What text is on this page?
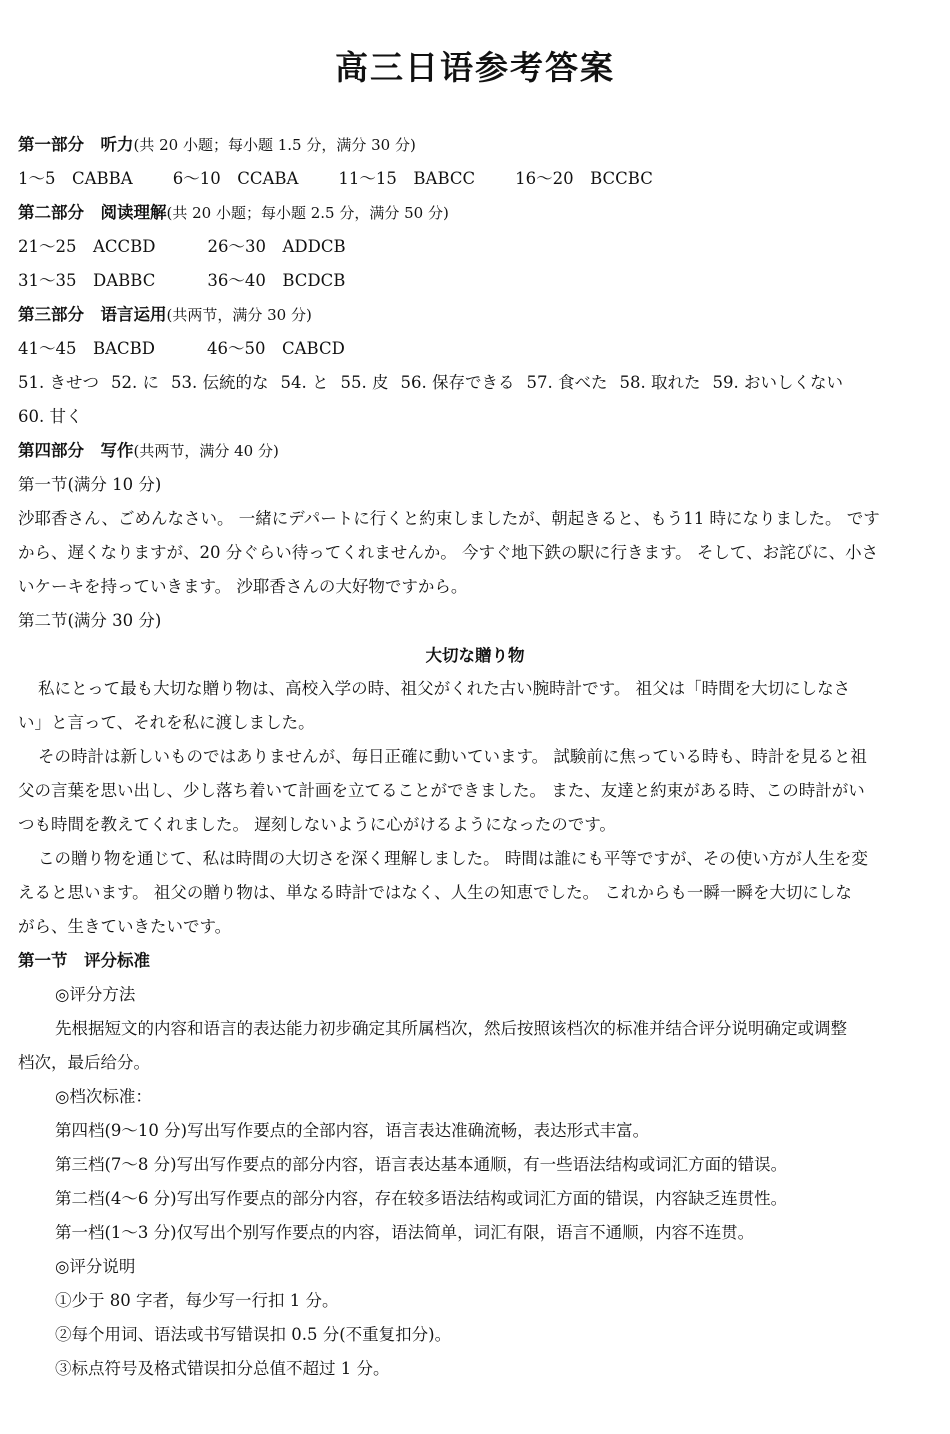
高三日语参考答案
第一部分　听力(共 20 小题；每小题 1.5 分，满分 30 分)
1～5　CABBA 6～10　CCABA 11～15　BABCC 16～20　BCCBC
第二部分　阅读理解(共 20 小题；每小题 2.5 分，满分 50 分)
21～25　ACCBD	26～30　ADDCB
31～35　DABBC	36～40　BCDCB
第三部分　语言运用(共两节，满分 30 分)
41～45　BACBD	46～50　CABCD
51. きせつ 52. に 53. 伝統的な 54. と 55. 皮 56. 保存できる 57. 食べた 58. 取れた 59. おいしくない
60. 甘く
第四部分　写作(共两节，满分 40 分)
第一节(满分 10 分)
沙耶香さん、ごめんなさい。 一緒にデパートに行くと約束しましたが、朝起きると、もう11 時になりました。 です
から、遅くなりますが、20 分ぐらい待ってくれませんか。 今すぐ地下鉄の駅に行きます。 そして、お詫びに、小さ
いケーキを持っていきます。 沙耶香さんの大好物ですから。
第二节(满分 30 分)
大切な贈り物
私にとって最も大切な贈り物は、高校入学の時、祖父がくれた古い腕時計です。 祖父は「時間を大切にしなさ
い」と言って、それを私に渡しました。
その時計は新しいものではありませんが、毎日正確に動いています。 試験前に焦っている時も、時計を見ると祖
父の言葉を思い出し、少し落ち着いて計画を立てることができました。 また、友達と約束がある時、この時計がい
つも時間を教えてくれました。 遅刻しないように心がけるようになったのです。
この贈り物を通じて、私は時間の大切さを深く理解しました。 時間は誰にも平等ですが、その使い方が人生を変
えると思います。 祖父の贈り物は、単なる時計ではなく、人生の知恵でした。 これからも一瞬一瞬を大切にしな
がら、生きていきたいです。
第一节　评分标准
◎评分方法
先根据短文的内容和语言的表达能力初步确定其所属档次，然后按照该档次的标准并结合评分说明确定或调整
档次，最后给分。
◎档次标准：
第四档(9～10 分)写出写作要点的全部内容，语言表达准确流畅，表达形式丰富。
第三档(7～8 分)写出写作要点的部分内容，语言表达基本通顺，有一些语法结构或词汇方面的错误。
第二档(4～6 分)写出写作要点的部分内容，存在较多语法结构或词汇方面的错误，内容缺乏连贯性。
第一档(1～3 分)仅写出个别写作要点的内容，语法简单，词汇有限，语言不通顺，内容不连贯。
◎评分说明
①少于 80 字者，每少写一行扣 1 分。
②每个用词、语法或书写错误扣 0.5 分(不重复扣分)。
③标点符号及格式错误扣分总值不超过 1 分。
